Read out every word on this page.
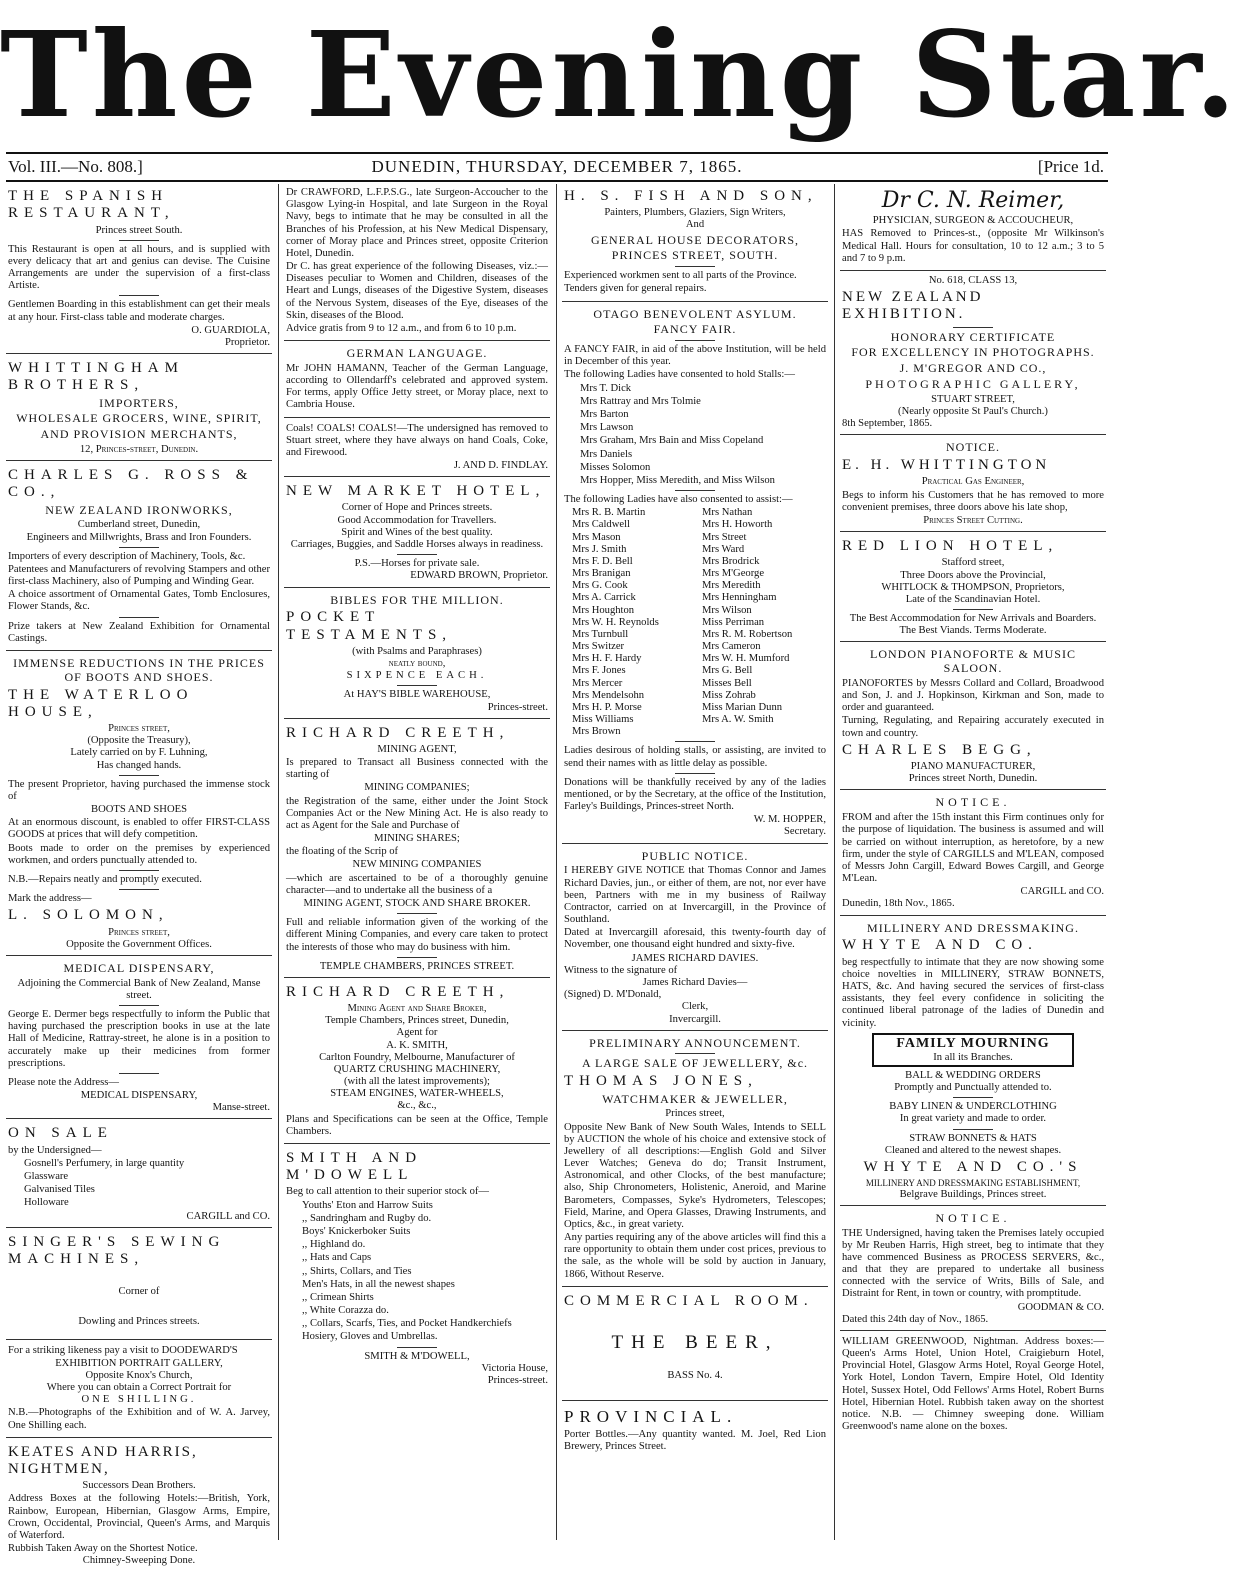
The Evening Star.
Vol. III.—No. 808.]	DUNEDIN, THURSDAY, DECEMBER 7, 1865.	[Price 1d.
THE SPANISH RESTAURANT,
Princes street South.

This Restaurant is open at all hours, and is supplied with every delicacy that art and genius can devise. The Cuisine Arrangements are under the supervision of a first-class Artiste.

Gentlemen Boarding in this establishment can get their meals at any hour. First-class table and moderate charges.

O. GUARDIOLA,
Proprietor.
WHITTINGHAM BROTHERS,
IMPORTERS,
WHOLESALE GROCERS, WINE, SPIRIT,
AND PROVISION MERCHANTS,
12, Princes-street, Dunedin.
CHARLES G. ROSS & CO.,
NEW ZEALAND IRONWORKS,
Cumberland street, Dunedin,
Engineers and Millwrights, Brass and Iron Founders.

Importers of every description of Machinery, Tools, &c.

Patentees and Manufacturers of revolving Stampers and other first-class Machinery, also of Pumping and Winding Gear.

A choice assortment of Ornamental Gates, Tomb Enclosures, Flower Stands, &c.

Prize takers at New Zealand Exhibition for Ornamental Castings.

IMMENSE REDUCTIONS IN THE PRICES OF BOOTS AND SHOES.
THE WATERLOO HOUSE,
Princes street,
(Opposite the Treasury),
Lately carried on by F. Luhning,
Has changed hands.

The present Proprietor, having purchased the immense stock of

BOOTS AND SHOES

At an enormous discount, is enabled to offer FIRST-CLASS GOODS at prices that will defy competition.

Boots made to order on the premises by experienced workmen, and orders punctually attended to.

N.B.—Repairs neatly and promptly executed.

Mark the address—

L. SOLOMON,
Princes street,
Opposite the Government Offices.
MEDICAL DISPENSARY,
Adjoining the Commercial Bank of New Zealand, Manse street.

George E. Dermer begs respectfully to inform the Public that having purchased the prescription books in use at the late Hall of Medicine, Rattray-street, he alone is in a position to accurately make up their medicines from former prescriptions.

Please note the Address—

MEDICAL DISPENSARY,
Manse-street.
ON SALE
by the Undersigned—
Gosnell's Perfumery, in large quantity
Glassware
Galvanised Tiles
Holloware
CARGILL and CO.
SINGER'S SEWING MACHINES,
Corner of
Dowling and Princes streets.

For a striking likeness pay a visit to DOODEWARD'S

EXHIBITION PORTRAIT GALLERY,
Opposite Knox's Church,
Where you can obtain a Correct Portrait for
ONE SHILLING.

N.B.—Photographs of the Exhibition and of W. A. Jarvey, One Shilling each.

KEATES AND HARRIS, NIGHTMEN,
Successors Dean Brothers.

Address Boxes at the following Hotels:—British, York, Rainbow, European, Hibernian, Glasgow Arms, Empire, Crown, Occidental, Provincial, Queen's Arms, and Marquis of Waterford.

Rubbish Taken Away on the Shortest Notice.
Chimney-Sweeping Done.

Dr CRAWFORD, L.F.P.S.G., late Surgeon-Accoucher to the Glasgow Lying-in Hospital, and late Surgeon in the Royal Navy, begs to intimate that he may be consulted in all the Branches of his Profession, at his New Medical Dispensary, corner of Moray place and Princes street, opposite Criterion Hotel, Dunedin.

Dr C. has great experience of the following Diseases, viz.:—Diseases peculiar to Women and Children, diseases of the Heart and Lungs, diseases of the Digestive System, diseases of the Nervous System, diseases of the Eye, diseases of the Skin, diseases of the Blood.

Advice gratis from 9 to 12 a.m., and from 6 to 10 p.m.

GERMAN LANGUAGE.

Mr JOHN HAMANN, Teacher of the German Language, according to Ollendarff's celebrated and approved system. For terms, apply Office Jetty street, or Moray place, next to Cambria House.

Coals! COALS! COALS!—The undersigned has removed to Stuart street, where they have always on hand Coals, Coke, and Firewood.

J. AND D. FINDLAY.
NEW MARKET HOTEL,
Corner of Hope and Princes streets.
Good Accommodation for Travellers.
Spirit and Wines of the best quality.
Carriages, Buggies, and Saddle Horses always in readiness.
P.S.—Horses for private sale.
EDWARD BROWN, Proprietor.
BIBLES FOR THE MILLION.
POCKET TESTAMENTS,
(with Psalms and Paraphrases)
neatly bound,
SIXPENCE EACH.
At HAY'S BIBLE WAREHOUSE,
Princes-street.
RICHARD CREETH,
MINING AGENT,

Is prepared to Transact all Business connected with the starting of

MINING COMPANIES;

the Registration of the same, either under the Joint Stock Companies Act or the New Mining Act. He is also ready to act as Agent for the Sale and Purchase of

MINING SHARES;

the floating of the Scrip of

NEW MINING COMPANIES

—which are ascertained to be of a thoroughly genuine character—and to undertake all the business of a

MINING AGENT, STOCK AND SHARE BROKER.

Full and reliable information given of the working of the different Mining Companies, and every care taken to protect the interests of those who may do business with him.

TEMPLE CHAMBERS, PRINCES STREET.
RICHARD CREETH,
Mining Agent and Share Broker,
Temple Chambers, Princes street, Dunedin,
Agent for
A. K. SMITH,
Carlton Foundry, Melbourne, Manufacturer of
QUARTZ CRUSHING MACHINERY,
(with all the latest improvements);
STEAM ENGINES, WATER-WHEELS,
&c., &c.,

Plans and Specifications can be seen at the Office, Temple Chambers.

SMITH AND M'DOWELL

Beg to call attention to their superior stock of—

Youths' Eton and Harrow Suits
,, Sandringham and Rugby do.
Boys' Knickerboker Suits
,, Highland do.
,, Hats and Caps
,, Shirts, Collars, and Ties
Men's Hats, in all the newest shapes
,, Crimean Shirts
,, White Corazza do.
,, Collars, Scarfs, Ties, and Pocket Handkerchiefs
Hosiery, Gloves and Umbrellas.
SMITH & M'DOWELL,
Victoria House,
Princes-street.
H. S. FISH AND SON,
Painters, Plumbers, Glaziers, Sign Writers,
And
GENERAL HOUSE DECORATORS,
PRINCES STREET, SOUTH.

Experienced workmen sent to all parts of the Province.

Tenders given for general repairs.

OTAGO BENEVOLENT ASYLUM.
FANCY FAIR.

A FANCY FAIR, in aid of the above Institution, will be held in December of this year.

The following Ladies have consented to hold Stalls:—

Mrs T. Dick
Mrs Rattray and Mrs Tolmie
Mrs Barton
Mrs Lawson
Mrs Graham, Mrs Bain and Miss Copeland
Mrs Daniels
Misses Solomon
Mrs Hopper, Miss Meredith, and Miss Wilson

The following Ladies have also consented to assist:—

Mrs R. B. Martin
Mrs Caldwell
Mrs Mason
Mrs J. Smith
Mrs F. D. Bell
Mrs Branigan
Mrs G. Cook
Mrs A. Carrick
Mrs Houghton
Mrs W. H. Reynolds
Mrs Turnbull
Mrs Switzer
Mrs H. F. Hardy
Mrs F. Jones
Mrs Mercer
Mrs Mendelsohn
Mrs H. P. Morse
Miss Williams
Mrs Brown
Mrs Nathan
Mrs H. Howorth
Mrs Street
Mrs Ward
Mrs Brodrick
Mrs M'George
Mrs Meredith
Mrs Henningham
Mrs Wilson
Miss Perriman
Mrs R. M. Robertson
Mrs Cameron
Mrs W. H. Mumford
Mrs G. Bell
Misses Bell
Miss Zohrab
Miss Marian Dunn
Mrs A. W. Smith

Ladies desirous of holding stalls, or assisting, are invited to send their names with as little delay as possible.

Donations will be thankfully received by any of the ladies mentioned, or by the Secretary, at the office of the Institution, Farley's Buildings, Princes-street North.

W. M. HOPPER,
Secretary.
PUBLIC NOTICE.

I HEREBY GIVE NOTICE that Thomas Connor and James Richard Davies, jun., or either of them, are not, nor ever have been, Partners with me in my business of Railway Contractor, carried on at Invercargill, in the Province of Southland.

Dated at Invercargill aforesaid, this twenty-fourth day of November, one thousand eight hundred and sixty-five.

JAMES RICHARD DAVIES.
Witness to the signature of
James Richard Davies—
(Signed) D. M'Donald,
Clerk,
Invercargill.
PRELIMINARY ANNOUNCEMENT.
A LARGE SALE OF JEWELLERY, &c.
THOMAS JONES,
WATCHMAKER & JEWELLER,
Princes street,

Opposite New Bank of New South Wales, Intends to SELL by AUCTION the whole of his choice and extensive stock of Jewellery of all descriptions:—English Gold and Silver Lever Watches; Geneva do do; Transit Instrument, Astronomical, and other Clocks, of the best manufacture; also, Ship Chronometers, Holistenic, Aneroid, and Marine Barometers, Compasses, Syke's Hydrometers, Telescopes; Field, Marine, and Opera Glasses, Drawing Instruments, and Optics, &c., in great variety.

Any parties requiring any of the above articles will find this a rare opportunity to obtain them under cost prices, previous to the sale, as the whole will be sold by auction in January, 1866, Without Reserve.

COMMERCIAL ROOM.
THE BEER,
BASS No. 4.
PROVINCIAL.

Porter Bottles.—Any quantity wanted. M. Joel, Red Lion Brewery, Princes Street.

Dr C. N. Reimer,
PHYSICIAN, SURGEON & ACCOUCHEUR,

HAS Removed to Princes-st., (opposite Mr Wilkinson's Medical Hall. Hours for consultation, 10 to 12 a.m.; 3 to 5 and 7 to 9 p.m.

No. 618, CLASS 13,
NEW ZEALAND EXHIBITION.
HONORARY CERTIFICATE
FOR EXCELLENCY IN PHOTOGRAPHS.
J. M'GREGOR AND CO.,
PHOTOGRAPHIC GALLERY,
STUART STREET,
(Nearly opposite St Paul's Church.)
8th September, 1865.
NOTICE.
E. H. WHITTINGTON
Practical Gas Engineer,

Begs to inform his Customers that he has removed to more convenient premises, three doors above his late shop,

Princes Street Cutting.
RED LION HOTEL,
Stafford street,
Three Doors above the Provincial,
WHITLOCK & THOMPSON, Proprietors,
Late of the Scandinavian Hotel.
The Best Accommodation for New Arrivals and Boarders.
The Best Viands. Terms Moderate.
LONDON PIANOFORTE & MUSIC SALOON.

PIANOFORTES by Messrs Collard and Collard, Broadwood and Son, J. and J. Hopkinson, Kirkman and Son, made to order and guaranteed.

Turning, Regulating, and Repairing accurately executed in town and country.

CHARLES BEGG,
PIANO MANUFACTURER,
Princes street North, Dunedin.
NOTICE.

FROM and after the 15th instant this Firm continues only for the purpose of liquidation. The business is assumed and will be carried on without interruption, as heretofore, by a new firm, under the style of CARGILLS and M'LEAN, composed of Messrs John Cargill, Edward Bowes Cargill, and George M'Lean.

CARGILL and CO.
Dunedin, 18th Nov., 1865.
MILLINERY AND DRESSMAKING.
WHYTE AND CO.

beg respectfully to intimate that they are now showing some choice novelties in MILLINERY, STRAW BONNETS, HATS, &c. And having secured the services of first-class assistants, they feel every confidence in soliciting the continued liberal patronage of the ladies of Dunedin and vicinity.

FAMILY MOURNING
In all its Branches.
BALL & WEDDING ORDERS
Promptly and Punctually attended to.
BABY LINEN & UNDERCLOTHING
In great variety and made to order.
STRAW BONNETS & HATS
Cleaned and altered to the newest shapes.
WHYTE AND CO.'S
MILLINERY AND DRESSMAKING ESTABLISHMENT,
Belgrave Buildings, Princes street.
NOTICE.

THE Undersigned, having taken the Premises lately occupied by Mr Reuben Harris, High street, beg to intimate that they have commenced Business as PROCESS SERVERS, &c., and that they are prepared to undertake all business connected with the service of Writs, Bills of Sale, and Distraint for Rent, in town or country, with promptitude.

GOODMAN & CO.
Dated this 24th day of Nov., 1865.

WILLIAM GREENWOOD, Nightman. Address boxes:—Queen's Arms Hotel, Union Hotel, Craigieburn Hotel, Provincial Hotel, Glasgow Arms Hotel, Royal George Hotel, York Hotel, London Tavern, Empire Hotel, Old Identity Hotel, Sussex Hotel, Odd Fellows' Arms Hotel, Robert Burns Hotel, Hibernian Hotel. Rubbish taken away on the shortest notice. N.B. — Chimney sweeping done. William Greenwood's name alone on the boxes.
